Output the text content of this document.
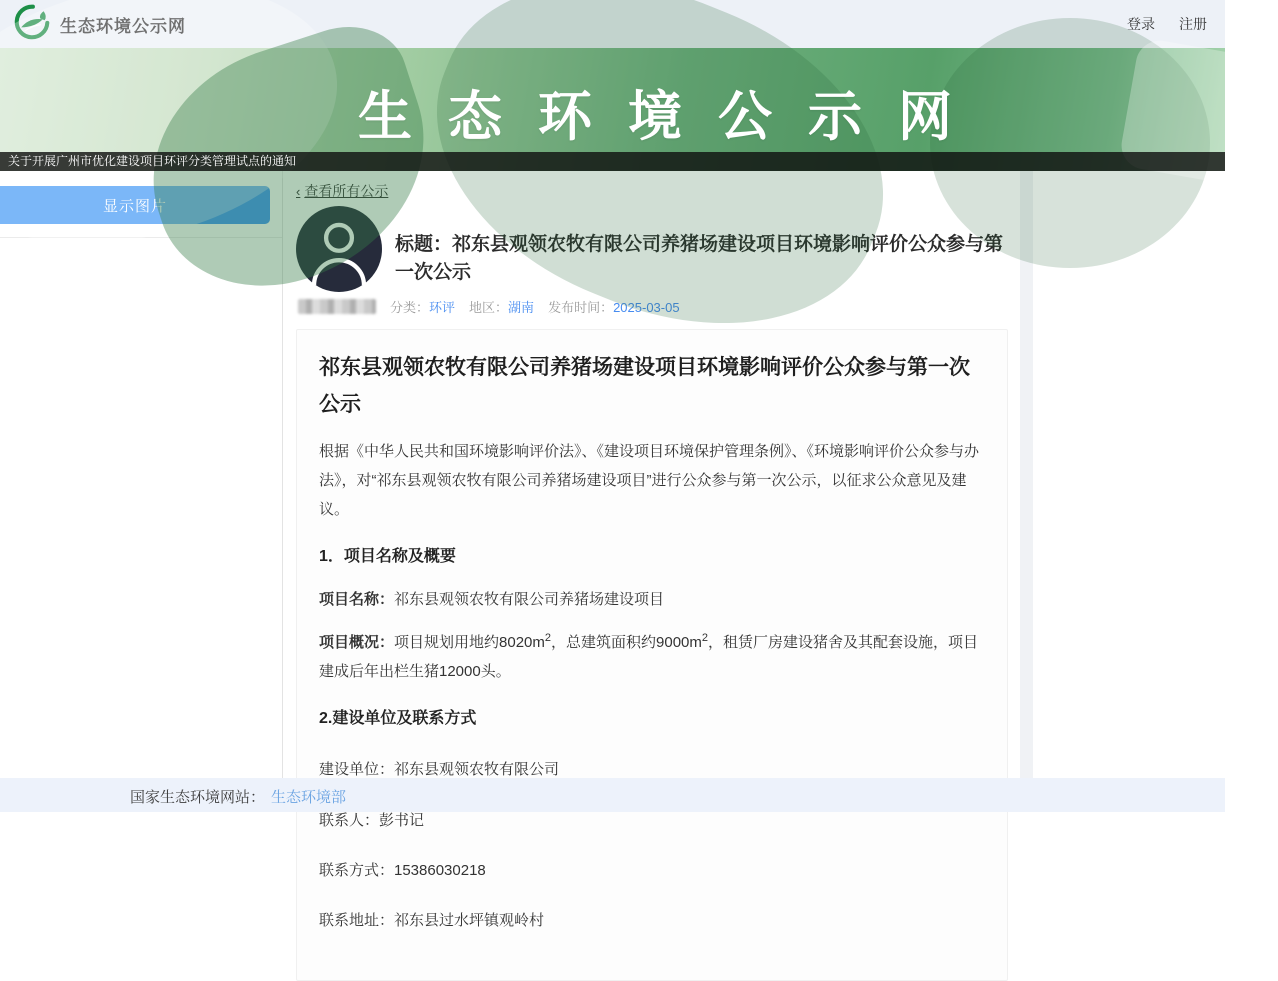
生态环境公示网	登录 注册
生态环境公示网
关于开展广州市优化建设项目环评分类管理试点的通知
显示图片
‹ 查看所有公示
标题：祁东县观领农牧有限公司养猪场建设项目环境影响评价公众参与第一次公示
分类：环评 地区：湖南 发布时间：2025-03-05
祁东县观领农牧有限公司养猪场建设项目环境影响评价公众参与第一次公示

根据《中华人民共和国环境影响评价法》、《建设项目环境保护管理条例》、《环境影响评价公众参与办法》，对“祁东县观领农牧有限公司养猪场建设项目”进行公众参与第一次公示，以征求公众意见及建议。

1．项目名称及概要

项目名称：祁东县观领农牧有限公司养猪场建设项目

项目概况：项目规划用地约$8020m^2$，总建筑面积约$9000m^2$，租赁厂房建设猪舍及其配套设施，项目建成后年出栏生猪12000头。

2.建设单位及联系方式

建设单位：祁东县观领农牧有限公司

联系人：彭书记

联系方式：15386030218

联系地址：祁东县过水坪镇观岭村

国家生态环境网站： 生态环境部
